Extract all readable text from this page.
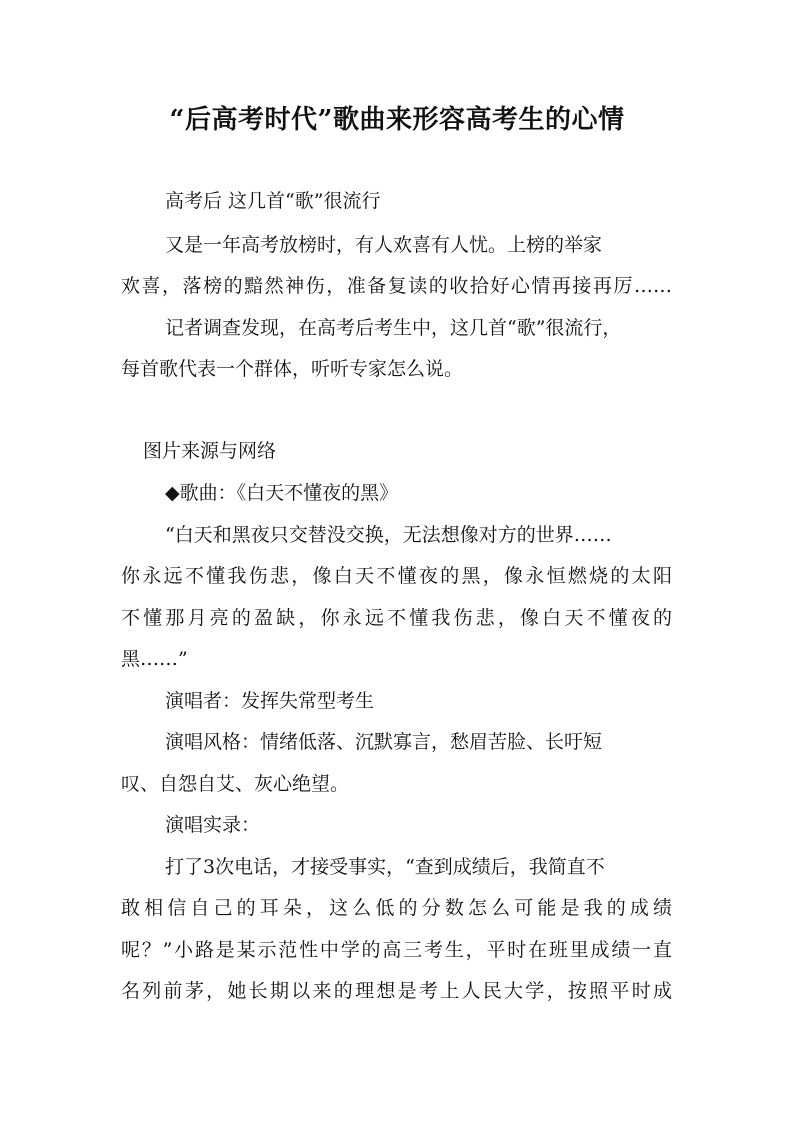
“后高考时代”歌曲来形容高考生的心情

高考后 这几首“歌”很流行

又是一年高考放榜时，有人欢喜有人忧。上榜的举家

欢喜，落榜的黯然神伤，准备复读的收拾好心情再接再厉……

记者调查发现，在高考后考生中，这几首“歌”很流行，

每首歌代表一个群体，听听专家怎么说。

图片来源与网络

◆歌曲：《白天不懂夜的黑》

“白天和黑夜只交替没交换，无法想像对方的世界……

你永远不懂我伤悲，像白天不懂夜的黑，像永恒燃烧的太阳

不懂那月亮的盈缺，你永远不懂我伤悲，像白天不懂夜的

黑……”

演唱者：发挥失常型考生

演唱风格：情绪低落、沉默寡言，愁眉苦脸、长吁短

叹、自怨自艾、灰心绝望。

演唱实录：

打了3次电话，才接受事实，“查到成绩后，我简直不

敢相信自己的耳朵，这么低的分数怎么可能是我的成绩

呢？”小路是某示范性中学的高三考生，平时在班里成绩一直

名列前茅，她长期以来的理想是考上人民大学，按照平时成
